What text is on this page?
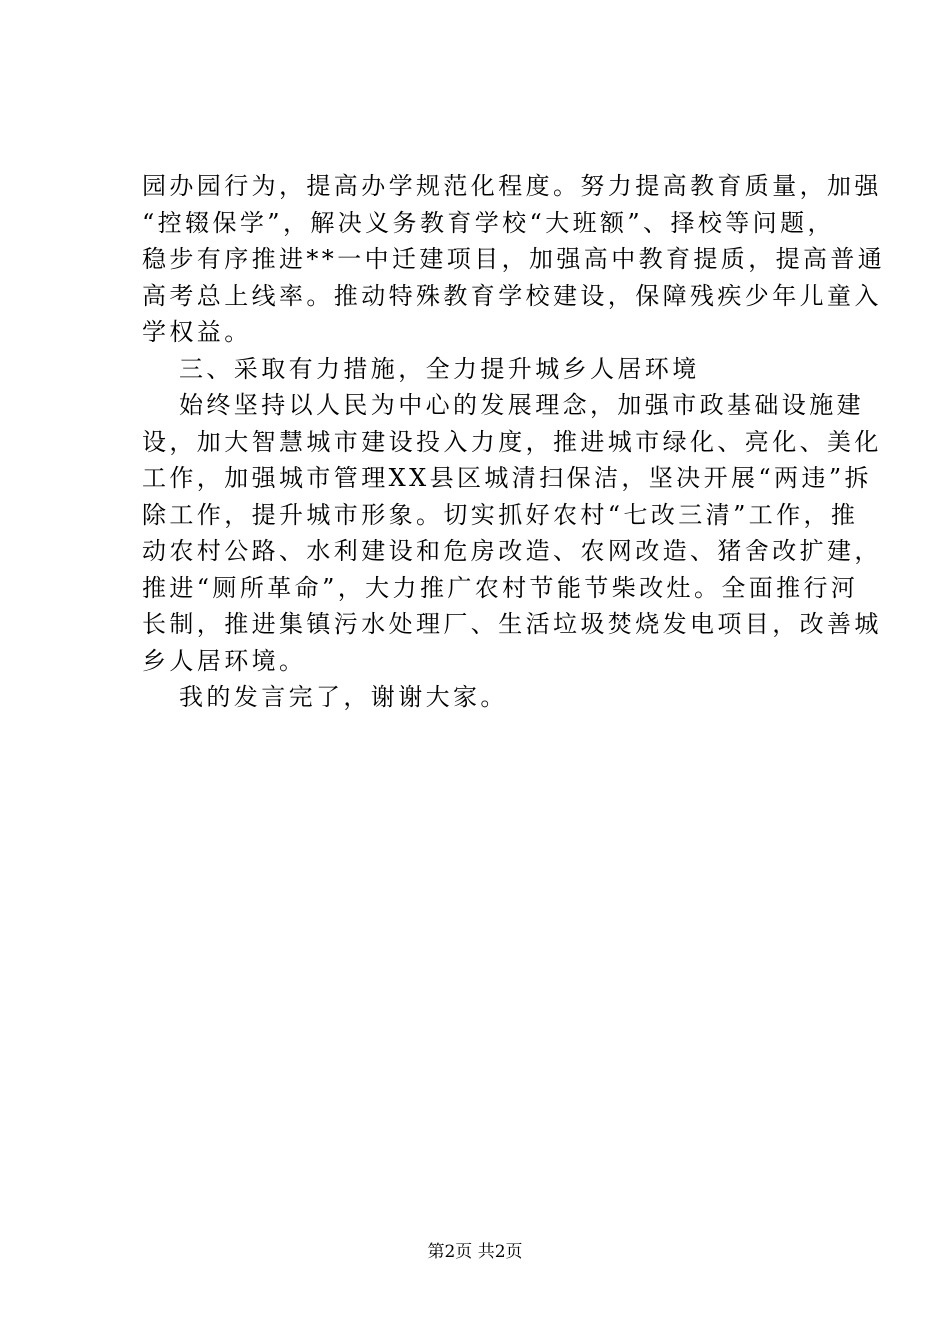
园办园行为，提高办学规范化程度。努力提高教育质量，加强
“控辍保学”，解决义务教育学校“大班额”、择校等问题，
稳步有序推进**一中迁建项目，加强高中教育提质，提高普通
高考总上线率。推动特殊教育学校建设，保障残疾少年儿童入
学权益。
三、采取有力措施，全力提升城乡人居环境
始终坚持以人民为中心的发展理念，加强市政基础设施建
设，加大智慧城市建设投入力度，推进城市绿化、亮化、美化
工作，加强城市管理XX县区城清扫保洁，坚决开展“两违”拆
除工作，提升城市形象。切实抓好农村“七改三清”工作，推
动农村公路、水利建设和危房改造、农网改造、猪舍改扩建，
推进“厕所革命”，大力推广农村节能节柴改灶。全面推行河
长制，推进集镇污水处理厂、生活垃圾焚烧发电项目，改善城
乡人居环境。
我的发言完了，谢谢大家。
第2页 共2页
